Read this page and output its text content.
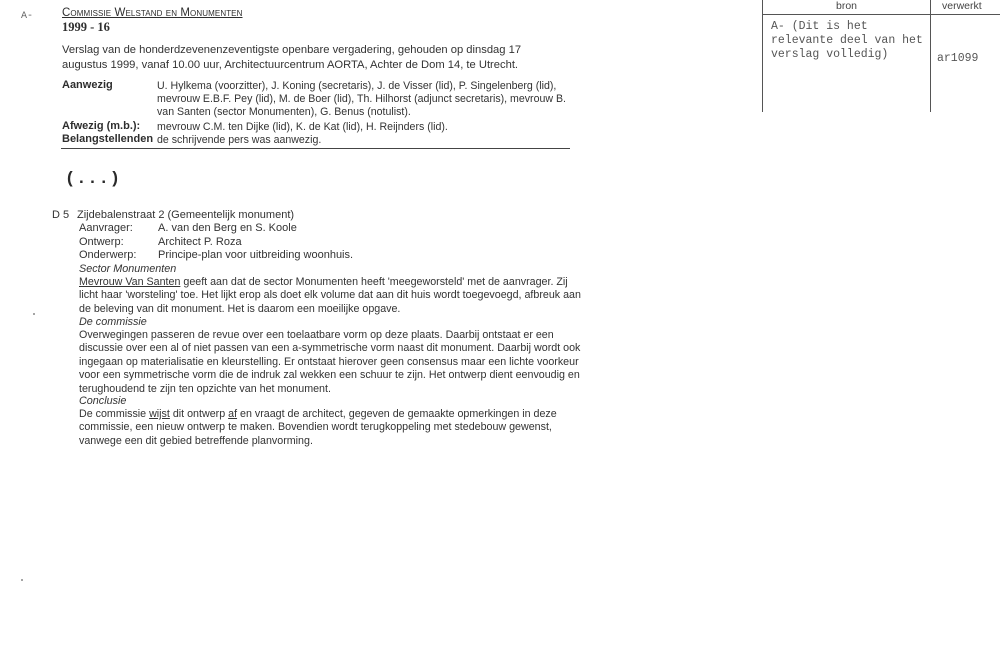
A-	Commissie Welstand en Monumenten
1999 - 16
Verslag van de honderdzevenenzeventigste openbare vergadering, gehouden op dinsdag 17 augustus 1999, vanaf 10.00 uur, Architectuurcentrum AORTA, Achter de Dom 14, te Utrecht.
Aanwezig	U. Hylkema (voorzitter), J. Koning (secretaris), J. de Visser (lid), P. Singelenberg (lid), mevrouw E.B.F. Pey (lid), M. de Boer (lid), Th. Hilhorst (adjunct secretaris), mevrouw B. van Santen (sector Monumenten), G. Benus (notulist).
Afwezig (m.b.): mevrouw C.M. ten Dijke (lid), K. de Kat (lid), H. Reijnders (lid).
Belangstellenden de schrijvende pers was aanwezig.
(...)
D 5 Zijdebalenstraat 2 (Gemeentelijk monument)
Aanvrager: A. van den Berg en S. Koole
Ontwerp:	Architect P. Roza
Onderwerp: Principe-plan voor uitbreiding woonhuis.
Sector Monumenten
Mevrouw Van Santen geeft aan dat de sector Monumenten heeft 'meegeworsteld' met de aanvrager. Zij licht haar 'worsteling' toe. Het lijkt erop als doet elk volume dat aan dit huis wordt toegevoegd, afbreuk aan de beleving van dit monument. Het is daarom een moeilijke opgave.
De commissie
Overwegingen passeren de revue over een toelaatbare vorm op deze plaats. Daarbij ontstaat er een discussie over een al of niet passen van een a-symmetrische vorm naast dit monument. Daarbij wordt ook ingegaan op materialisatie en kleurstelling. Er ontstaat hierover geen consensus maar een lichte voorkeur voor een symmetrische vorm die de indruk zal wekken een schuur te zijn. Het ontwerp dient eenvoudig en terughoudend te zijn ten opzichte van het monument.
Conclusie
De commissie wijst dit ontwerp af en vraagt de architect, gegeven de gemaakte opmerkingen in deze commissie, een nieuw ontwerp te maken. Bovendien wordt terugkoppeling met stedebouw gewenst, vanwege een dit gebied betreffende planvorming.
bron	verwerkt
A- (Dit is het relevante deel van het verslag volledig)	ar1099
